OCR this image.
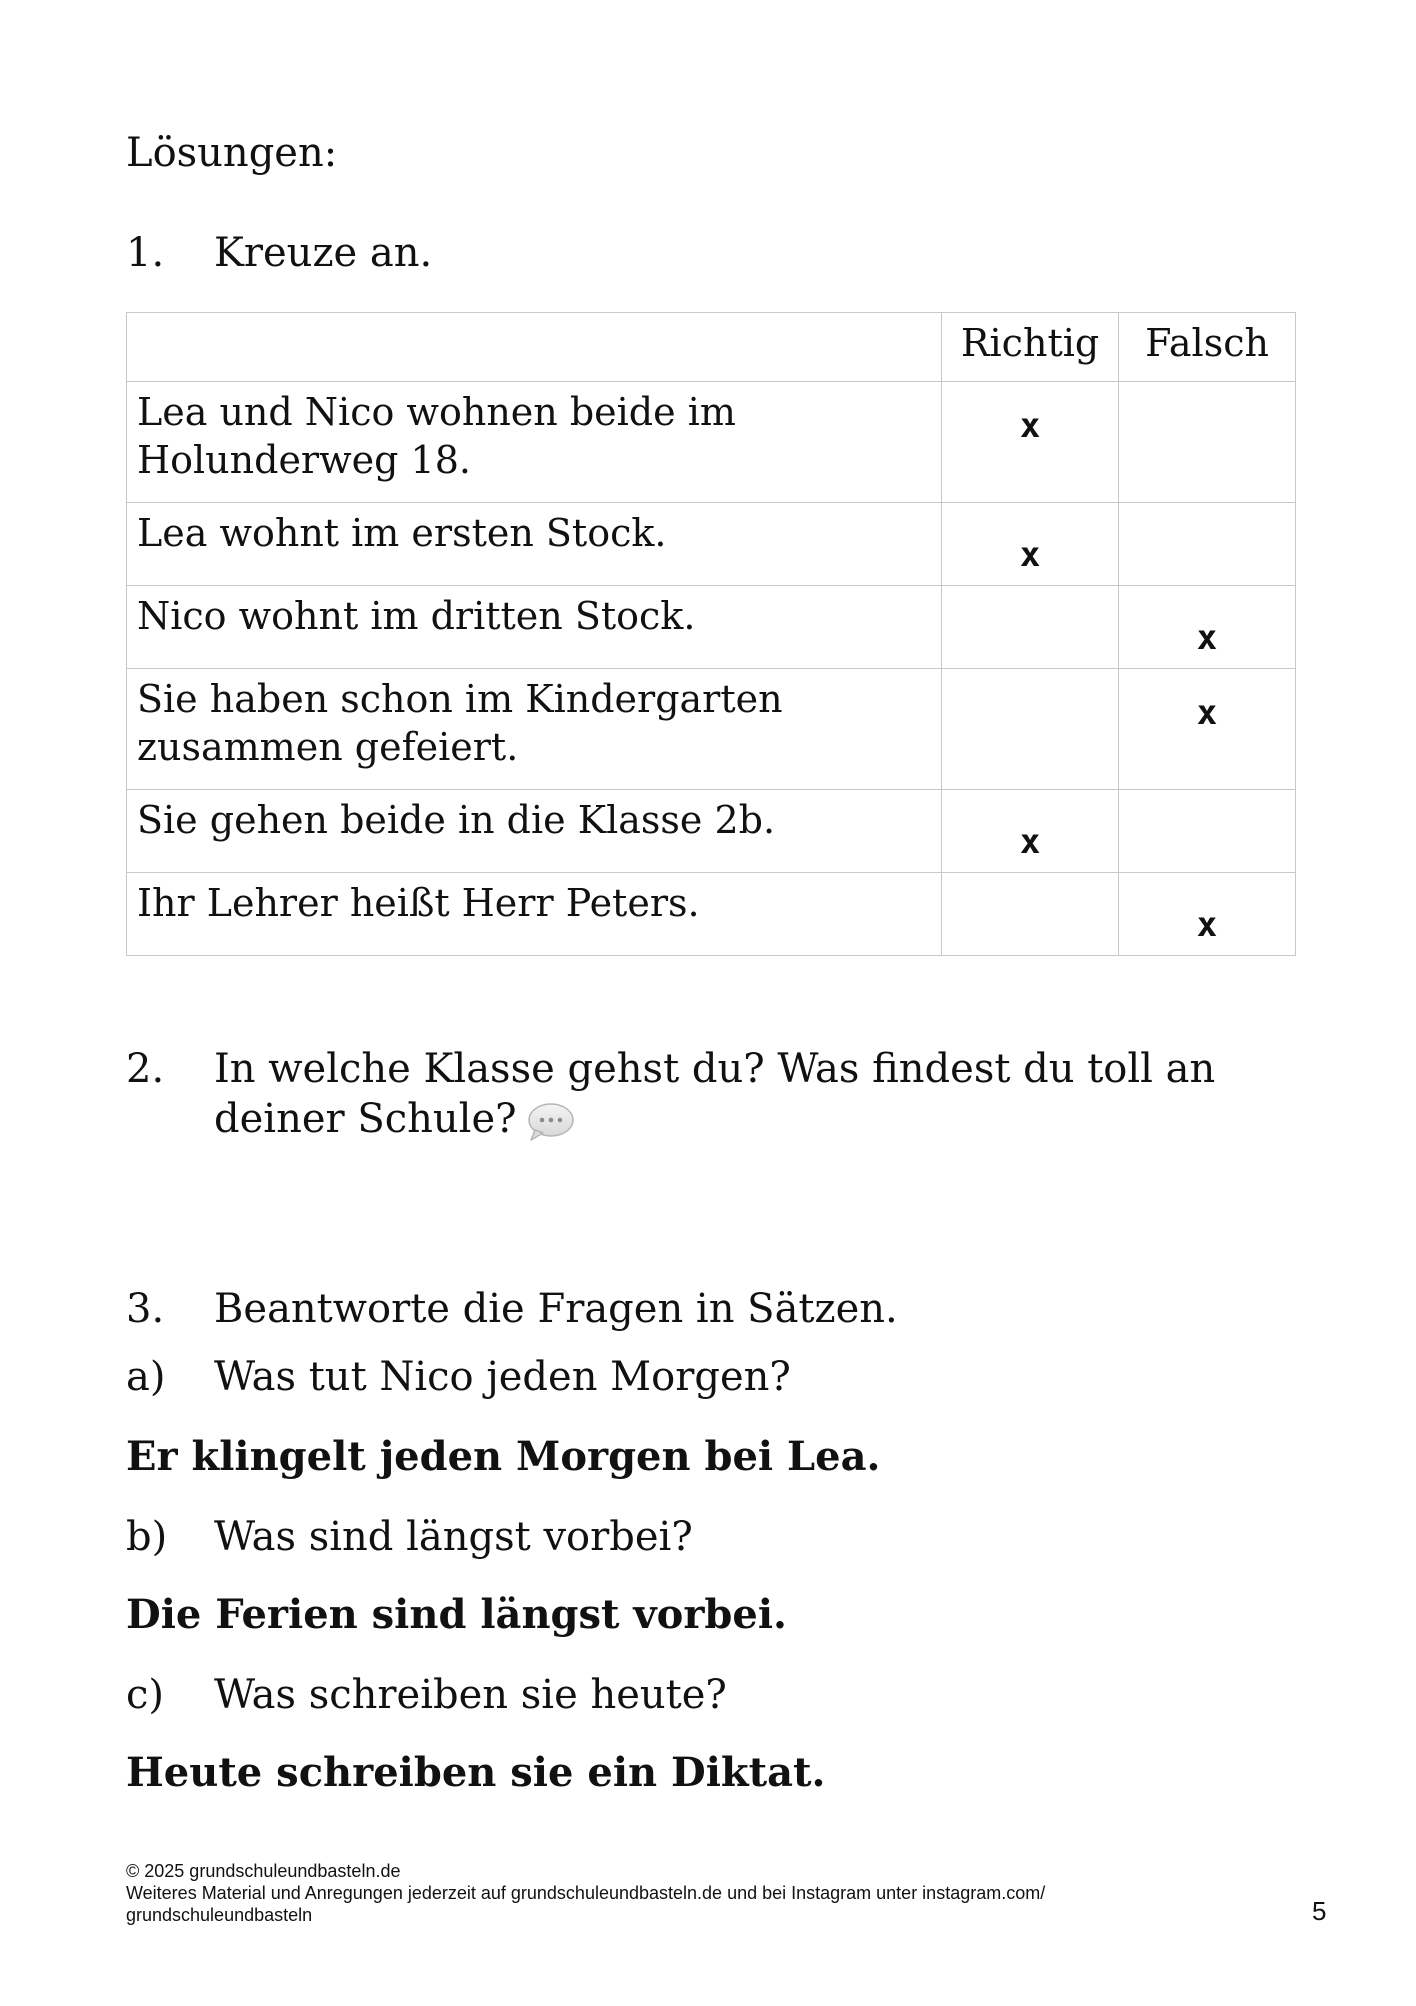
Lösungen:
1.	Kreuze an.
	Richtig	Falsch
Lea und Nico wohnen beide im Holunderweg 18.	x	
Lea wohnt im ersten Stock.	x	
Nico wohnt im dritten Stock.		x
Sie haben schon im Kindergarten zusammen gefeiert.		x
Sie gehen beide in die Klasse 2b.	x	
Ihr Lehrer heißt Herr Peters.		x
2.	In welche Klasse gehst du? Was findest du toll an deiner Schule?
3.	Beantworte die Fragen in Sätzen.
a)	Was tut Nico jeden Morgen?
Er klingelt jeden Morgen bei Lea.
b)	Was sind längst vorbei?
Die Ferien sind längst vorbei.
c)	Was schreiben sie heute?
Heute schreiben sie ein Diktat.
© 2025 grundschuleundbasteln.de
Weiteres Material und Anregungen jederzeit auf grundschuleundbasteln.de und bei Instagram unter instagram.com/ grundschuleundbasteln	5
